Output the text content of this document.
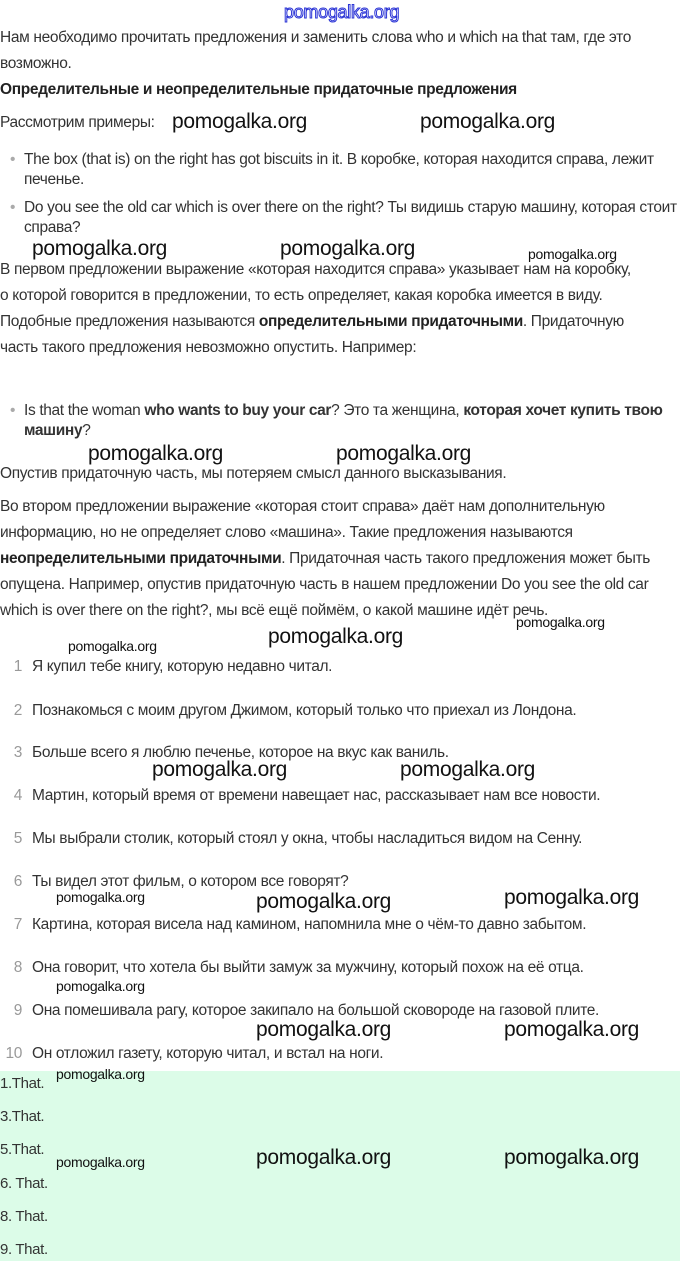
pomogalka.org
Нам необходимо прочитать предложения и заменить слова who и which на that там, где это возможно.
Определительные и неопределительные придаточные предложения
Рассмотрим примеры:
• The box (that is) on the right has got biscuits in it. В коробке, которая находится справа, лежит печенье.
• Do you see the old car which is over there on the right? Ты видишь старую машину, которая стоит справа?
В первом предложении выражение «которая находится справа» указывает нам на коробку, о которой говорится в предложении, то есть определяет, какая коробка имеется в виду. Подобные предложения называются определительными придаточными. Придаточную часть такого предложения невозможно опустить. Например:
• Is that the woman who wants to buy your car? Это та женщина, которая хочет купить твою машину?
Опустив придаточную часть, мы потеряем смысл данного высказывания.
Во втором предложении выражение «которая стоит справа» даёт нам дополнительную информацию, но не определяет слово «машина». Такие предложения называются неопределительными придаточными. Придаточная часть такого предложения может быть опущена. Например, опустив придаточную часть в нашем предложении Do you see the old car which is over there on the right?, мы всё ещё поймём, о какой машине идёт речь.
1 Я купил тебе книгу, которую недавно читал.
2 Познакомься с моим другом Джимом, который только что приехал из Лондона.
3 Больше всего я люблю печенье, которое на вкус как ваниль.
4 Мартин, который время от времени навещает нас, рассказывает нам все новости.
5 Мы выбрали столик, который стоял у окна, чтобы насладиться видом на Сенну.
6 Ты видел этот фильм, о котором все говорят?
7 Картина, которая висела над камином, напомнила мне о чём-то давно забытом.
8 Она говорит, что хотела бы выйти замуж за мужчину, который похож на её отца.
9 Она помешивала рагу, которое закипало на большой сковороде на газовой плите.
10 Он отложил газету, которую читал, и встал на ноги.
1.That.
3.That.
5.That.
6. That.
8. That.
9. That.
pomogalka.org	pomogalka.org
pomogalka.org	pomogalka.org	pomogalka.org
pomogalka.org	pomogalka.org
pomogalka.org
pomogalka.org
pomogalka.org
pomogalka.org	pomogalka.org
pomogalka.org	pomogalka.org	pomogalka.org
pomogalka.org
pomogalka.org	pomogalka.org
pomogalka.org
pomogalka.org	pomogalka.org	pomogalka.org
